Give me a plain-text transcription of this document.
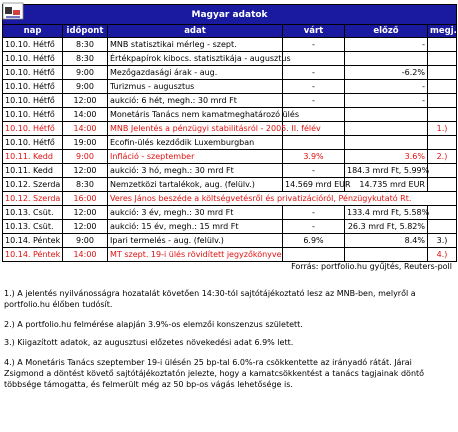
Magyar adatok					
nap	időpont	adat	várt	előző	megj.
10.10. Hétfő	8:30	MNB statisztikai mérleg - szept.	-	-	
10.10. Hétfő	8:30	Értékpapírok kibocs. statisztikája - augusztus			
10.10. Hétfő	9:00	Mezőgazdasági árak - aug.	-	-6.2%	
10.10. Hétfő	9:00	Turizmus - augusztus	-	-	
10.10. Hétfő	12:00	aukció: 6 hét, megh.: 30 mrd Ft	-	-	
10.10. Hétfő	14:00	Monetáris Tanács nem kamatmeghatározó ülés			
10.10. Hétfő	14:00	MNB Jelentés a pénzügyi stabilitásról - 2005. II. félév			1.)
10.10. Hétfő	19:00	Ecofin-ülés kezdődik Luxemburgban			
10.11. Kedd	9:00	Infláció - szeptember	3.9%	3.6%	2.)
10.11. Kedd	12:00	aukció: 3 hó, megh.: 30 mrd Ft	-	184.3 mrd Ft, 5.99%	
10.12. Szerda	8:30	Nemzetközi tartalékok, aug. (felülv.)	14.569 mrd EUR	14.735 mrd EUR	
10.12. Szerda	16:00	Veres János beszéde a költségvetésről és privatizációról, Pénzügykutató Rt.			
10.13. Csüt.	12:00	aukció: 3 év, megh.: 30 mrd Ft	-	133.4 mrd Ft, 5.58%	
10.13. Csüt.	12:00	aukció: 15 év, megh.: 15 mrd Ft	-	26.3 mrd Ft, 5.82%	
10.14. Péntek	9:00	Ipari termelés - aug. (felülv.)	6.9%	8.4%	3.)
10.14. Péntek	14:00	MT szept. 19-i ülés rövidített jegyzőkönyve			4.)
Forrás: portfolio.hu gyűjtés, Reuters-poll
1.) A jelentés nyilvánosságra hozatalát követően 14:30-tól sajtótájékoztató lesz az MNB-ben, melyről a portfolio.hu élőben tudósít.
2.) A portfolio.hu felmérése alapján 3.9%-os elemzői konszenzus született.
3.) Kiigazított adatok, az augusztusi előzetes növekedési adat 6.9% lett.
4.) A Monetáris Tanács szeptember 19-i ülésén 25 bp-tal 6.0%-ra csökkentette az irányadó rátát. Járai Zsigmond a döntést követő sajtótájékoztatón jelezte, hogy a kamatcsökkentést a tanács tagjainak döntő többsége támogatta, és felmerült még az 50 bp-os vágás lehetősége is.
